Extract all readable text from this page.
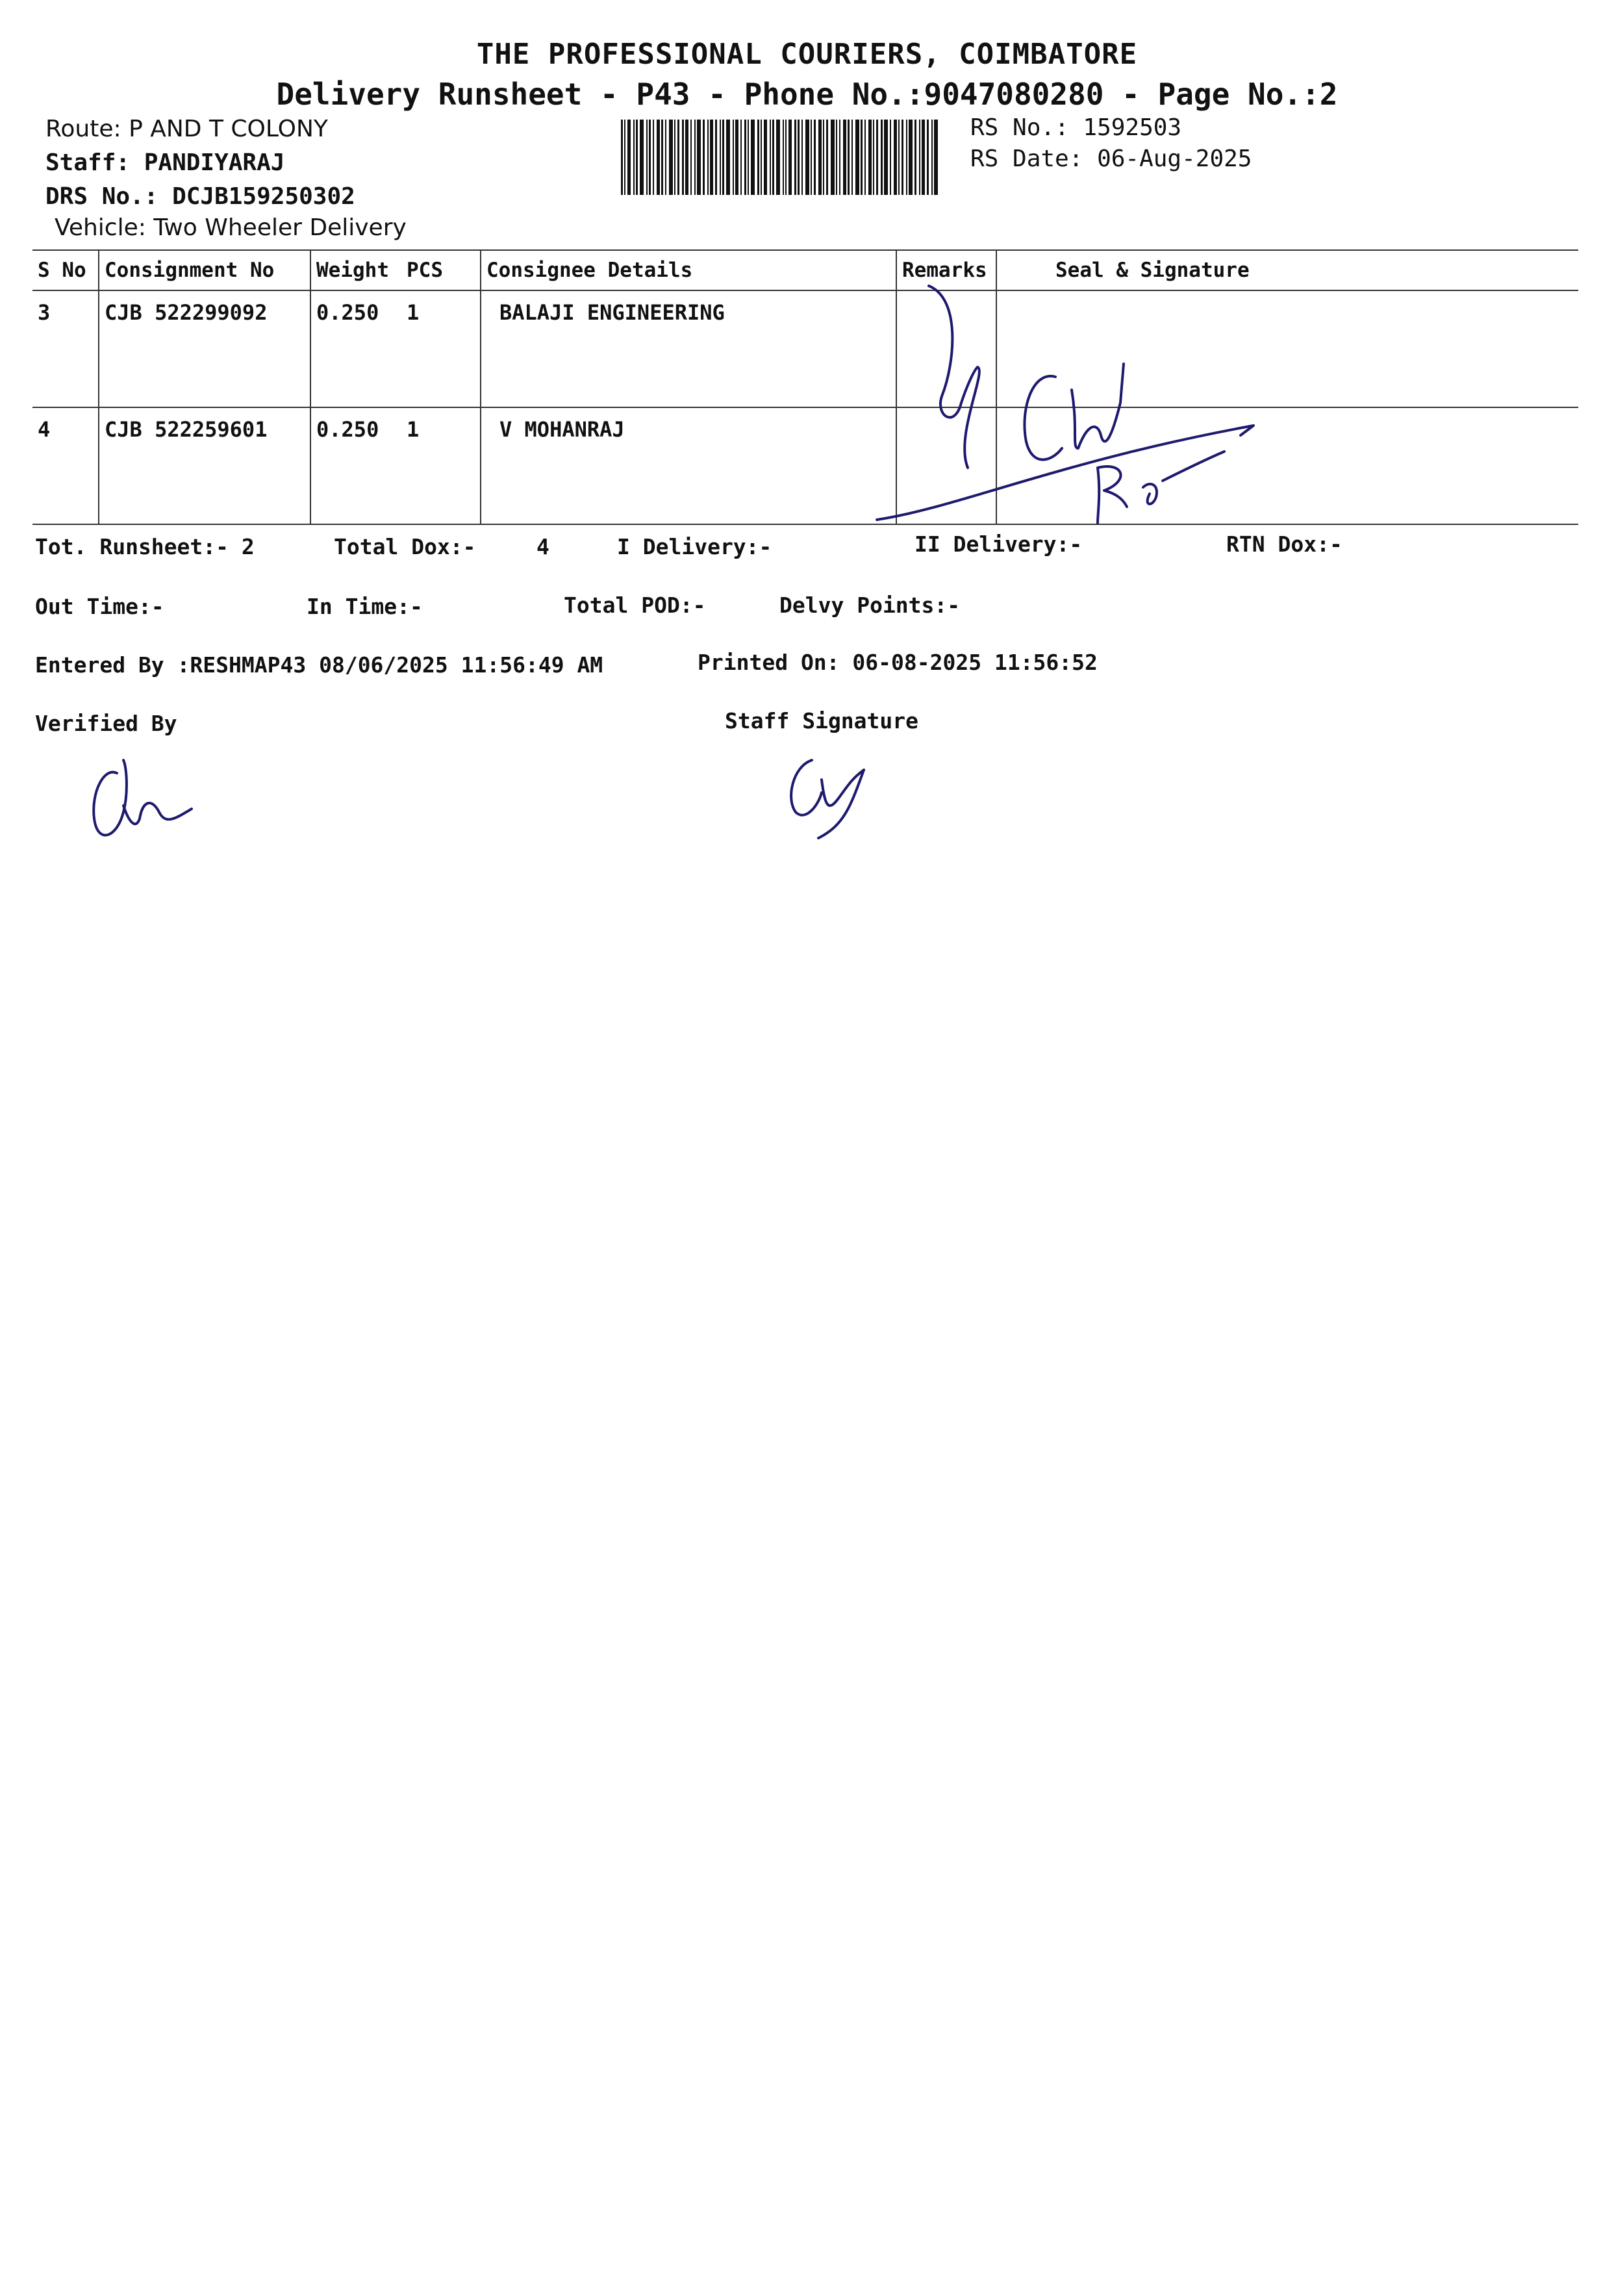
THE PROFESSIONAL COURIERS, COIMBATORE
Delivery Runsheet - P43 - Phone No.:9047080280 - Page No.:2
Route: P AND T COLONY
Staff: PANDIYARAJ
DRS No.: DCJB159250302
Vehicle: Two Wheeler Delivery
RS No.: 1592503
RS Date: 06-Aug-2025
S No	Consignment No	Weight	PCS	Consignee Details	Remarks	Seal & Signature
3	CJB 522299092	0.250	1	BALAJI ENGINEERING		
4	CJB 522259601	0.250	1	V MOHANRAJ		
Tot. Runsheet:- 2	Total Dox:-	4	I Delivery:-	II Delivery:-	RTN Dox:-
Out Time:-	In Time:-	Total POD:-	Delvy Points:-
Entered By :RESHMAP43 08/06/2025 11:56:49 AM	Printed On: 06-08-2025 11:56:52
Verified By	Staff Signature
